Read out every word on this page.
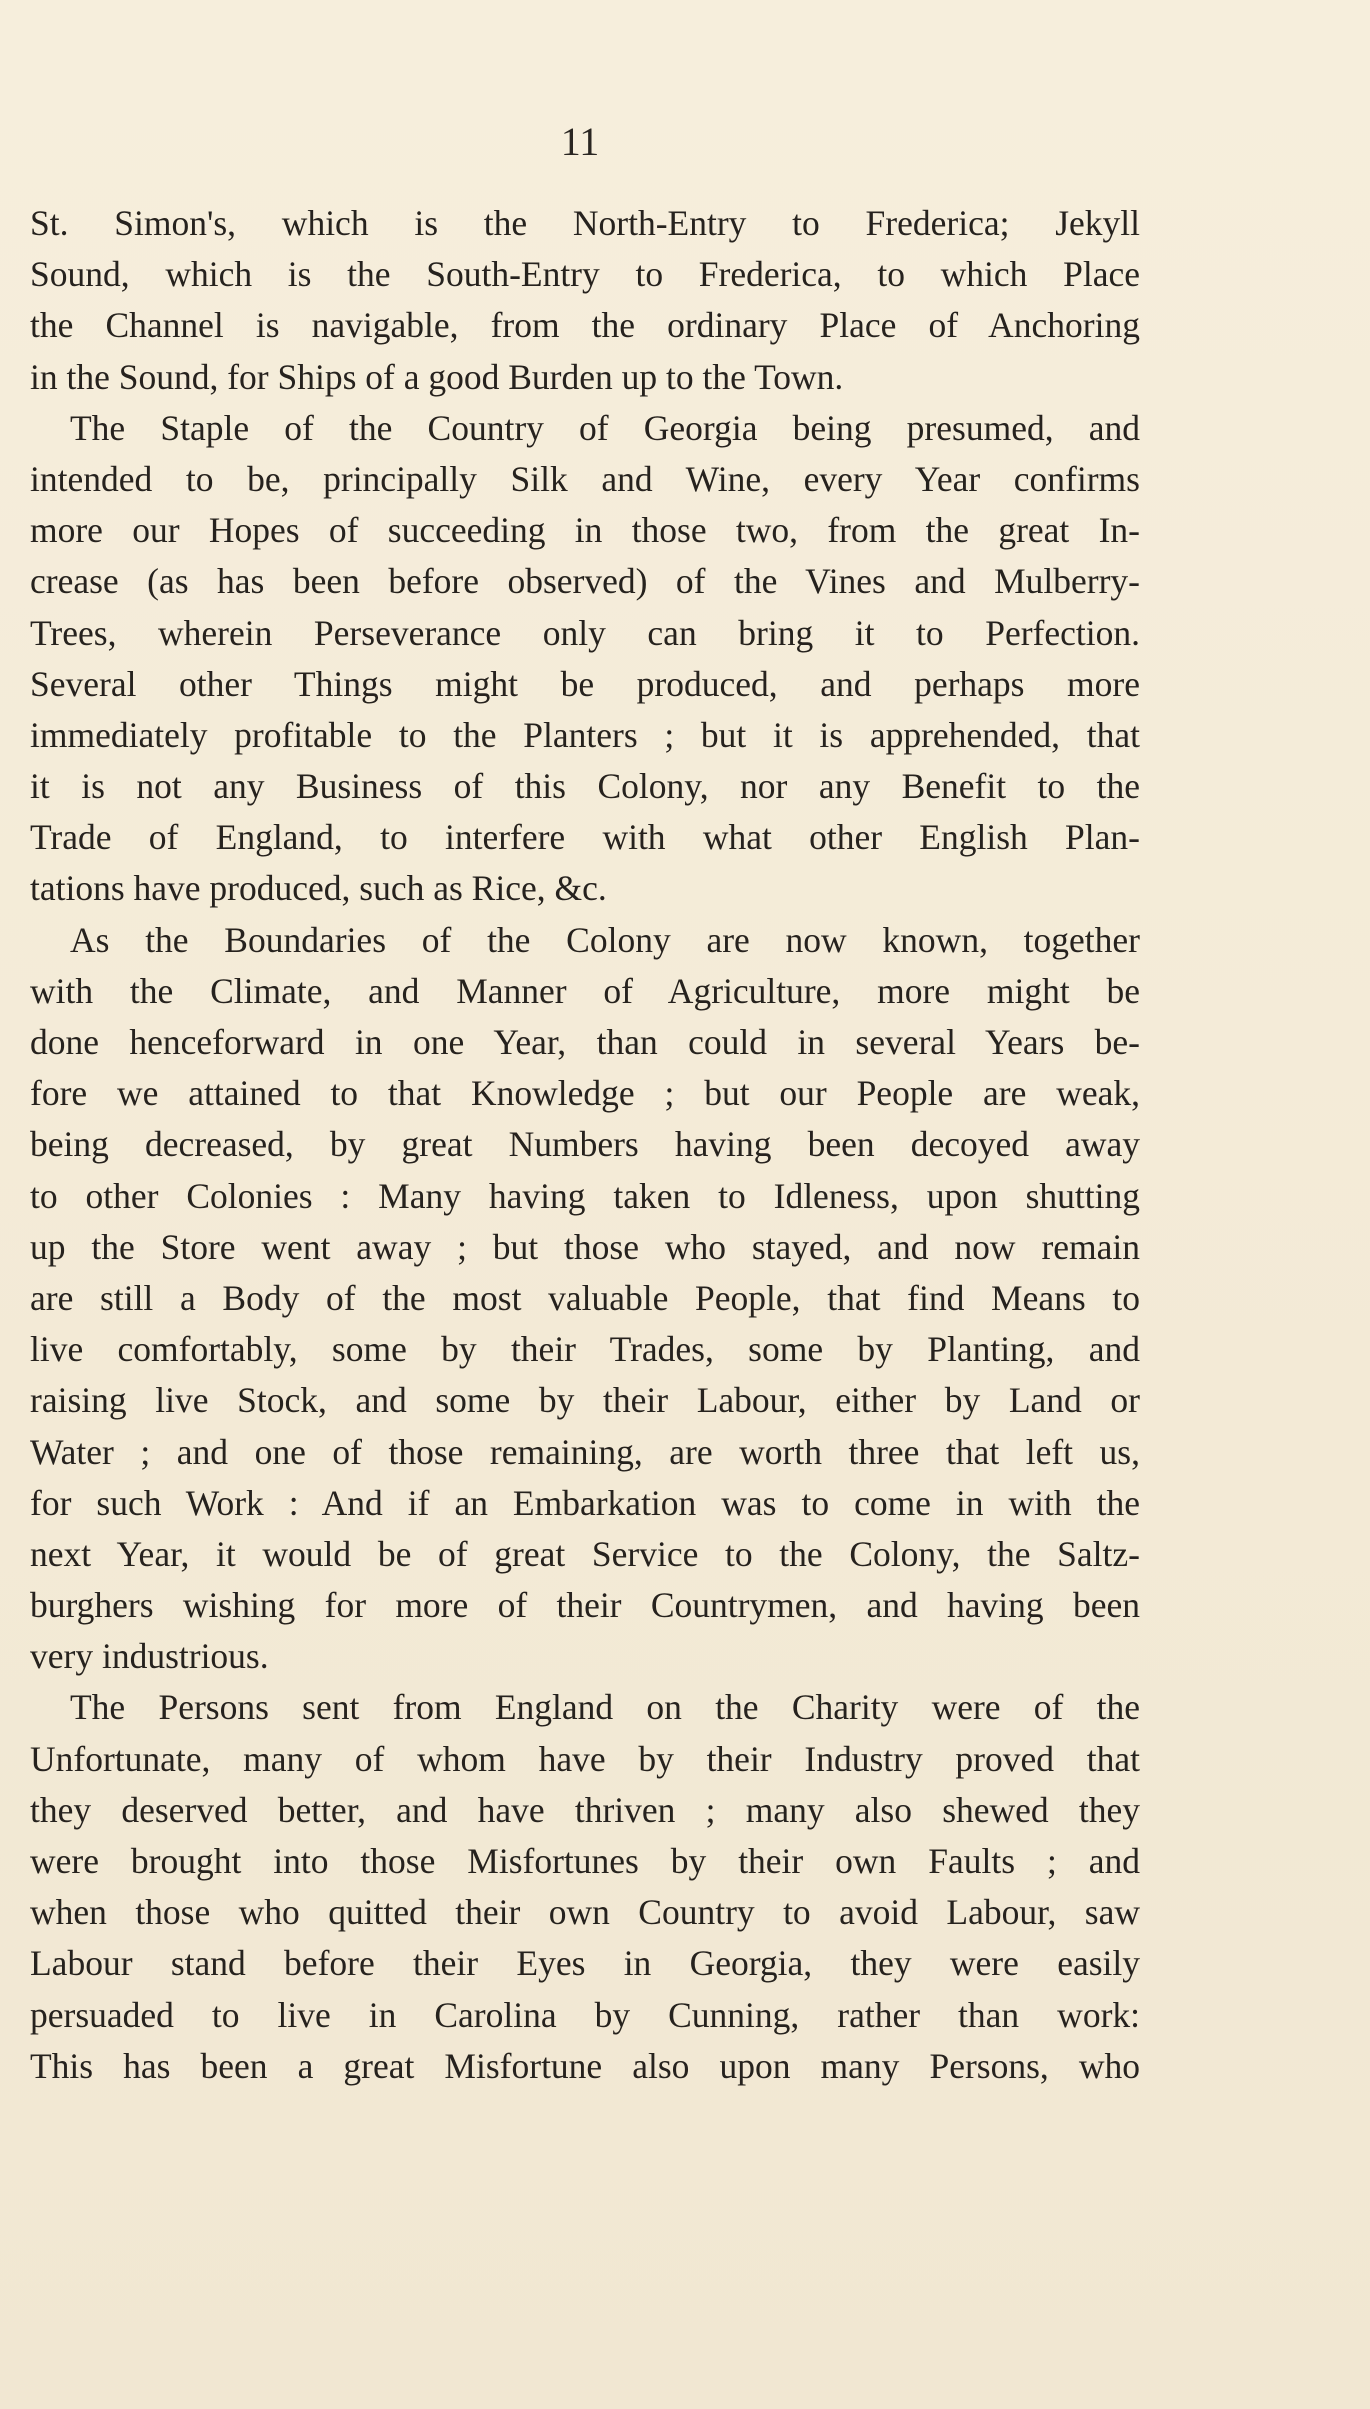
11
St. Simon's, which is the North-Entry to Frederica; Jekyll
Sound, which is the South-Entry to Frederica, to which Place
the Channel is navigable, from the ordinary Place of Anchoring
in the Sound, for Ships of a good Burden up to the Town.
The Staple of the Country of Georgia being presumed, and
intended to be, principally Silk and Wine, every Year confirms
more our Hopes of succeeding in those two, from the great In-
crease (as has been before observed) of the Vines and Mulberry-
Trees, wherein Perseverance only can bring it to Perfection.
Several other Things might be produced, and perhaps more
immediately profitable to the Planters ; but it is apprehended, that
it is not any Business of this Colony, nor any Benefit to the
Trade of England, to interfere with what other English Plan-
tations have produced, such as Rice, &c.
As the Boundaries of the Colony are now known, together
with the Climate, and Manner of Agriculture, more might be
done henceforward in one Year, than could in several Years be-
fore we attained to that Knowledge ; but our People are weak,
being decreased, by great Numbers having been decoyed away
to other Colonies : Many having taken to Idleness, upon shutting
up the Store went away ; but those who stayed, and now remain
are still a Body of the most valuable People, that find Means to
live comfortably, some by their Trades, some by Planting, and
raising live Stock, and some by their Labour, either by Land or
Water ; and one of those remaining, are worth three that left us,
for such Work : And if an Embarkation was to come in with the
next Year, it would be of great Service to the Colony, the Saltz-
burghers wishing for more of their Countrymen, and having been
very industrious.
The Persons sent from England on the Charity were of the
Unfortunate, many of whom have by their Industry proved that
they deserved better, and have thriven ; many also shewed they
were brought into those Misfortunes by their own Faults ; and
when those who quitted their own Country to avoid Labour, saw
Labour stand before their Eyes in Georgia, they were easily
persuaded to live in Carolina by Cunning, rather than work:
This has been a great Misfortune also upon many Persons, who
